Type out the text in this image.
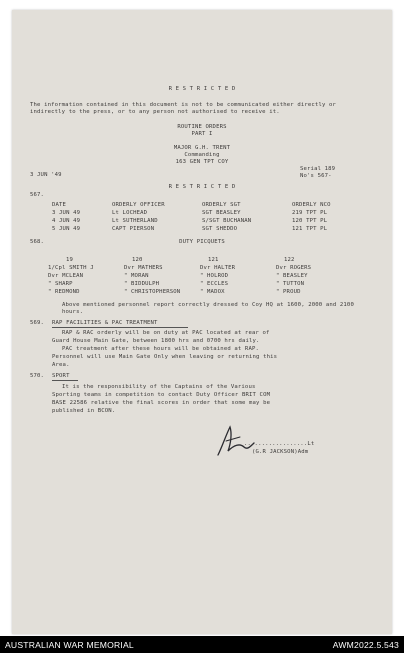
R E S T R I C T E D
The information contained in this document is not to be communicated either directly or indirectly to the press, or to any person not authorised to receive it.
ROUTINE ORDERS
PART I
MAJOR G.H. TRENT
Commanding
163 GEN TPT COY
3 JUN '49
Serial 189
No's 567-
R E S T R I C T E D
567.
DATE	ORDERLY OFFICER	ORDERLY SGT	ORDERLY NCO
3 JUN 49	Lt LOCHEAD	SGT BEASLEY	219 TPT PL
4 JUN 49	Lt SUTHERLAND	S/SGT BUCHANAN	120 TPT PL
5 JUN 49	CAPT PIERSON	SGT SHEDDO	121 TPT PL
568.	DUTY PICQUETS
19	120	121	122
1/Cpl SMITH J	Dvr MATHERS	Dvr HALTER	Dvr ROGERS
Dvr MCLEAN	" MORAN	" HOLROD	" BEASLEY
" SHARP	" BIDDULPH	" ECCLES	" TUTTON
" REDMOND	" CHRISTOPHERSON	" MADOX	" PROUD
Above mentioned personnel report correctly dressed to Coy HQ at 1600, 2000 and 2100 hours.
569. RAP FACILITIES & PAC TREATMENT
RAP & RAC orderly will be on duty at PAC located at rear of
Guard House Main Gate, between 1800 hrs and 0700 hrs daily.
PAC treatment after these hours will be obtained at RAP.
Personnel will use Main Gate Only when leaving or returning this
Area.
570. SPORT
It is the responsibility of the Captains of the Various
Sporting teams in competition to contact Duty Officer BRIT COM
BASE 22586 relative the final scores in order that some may be
published in BCON.
..................Lt
(G.R JACKSON)Adm
AUSTRALIAN WAR MEMORIAL	AWM2022.5.543
